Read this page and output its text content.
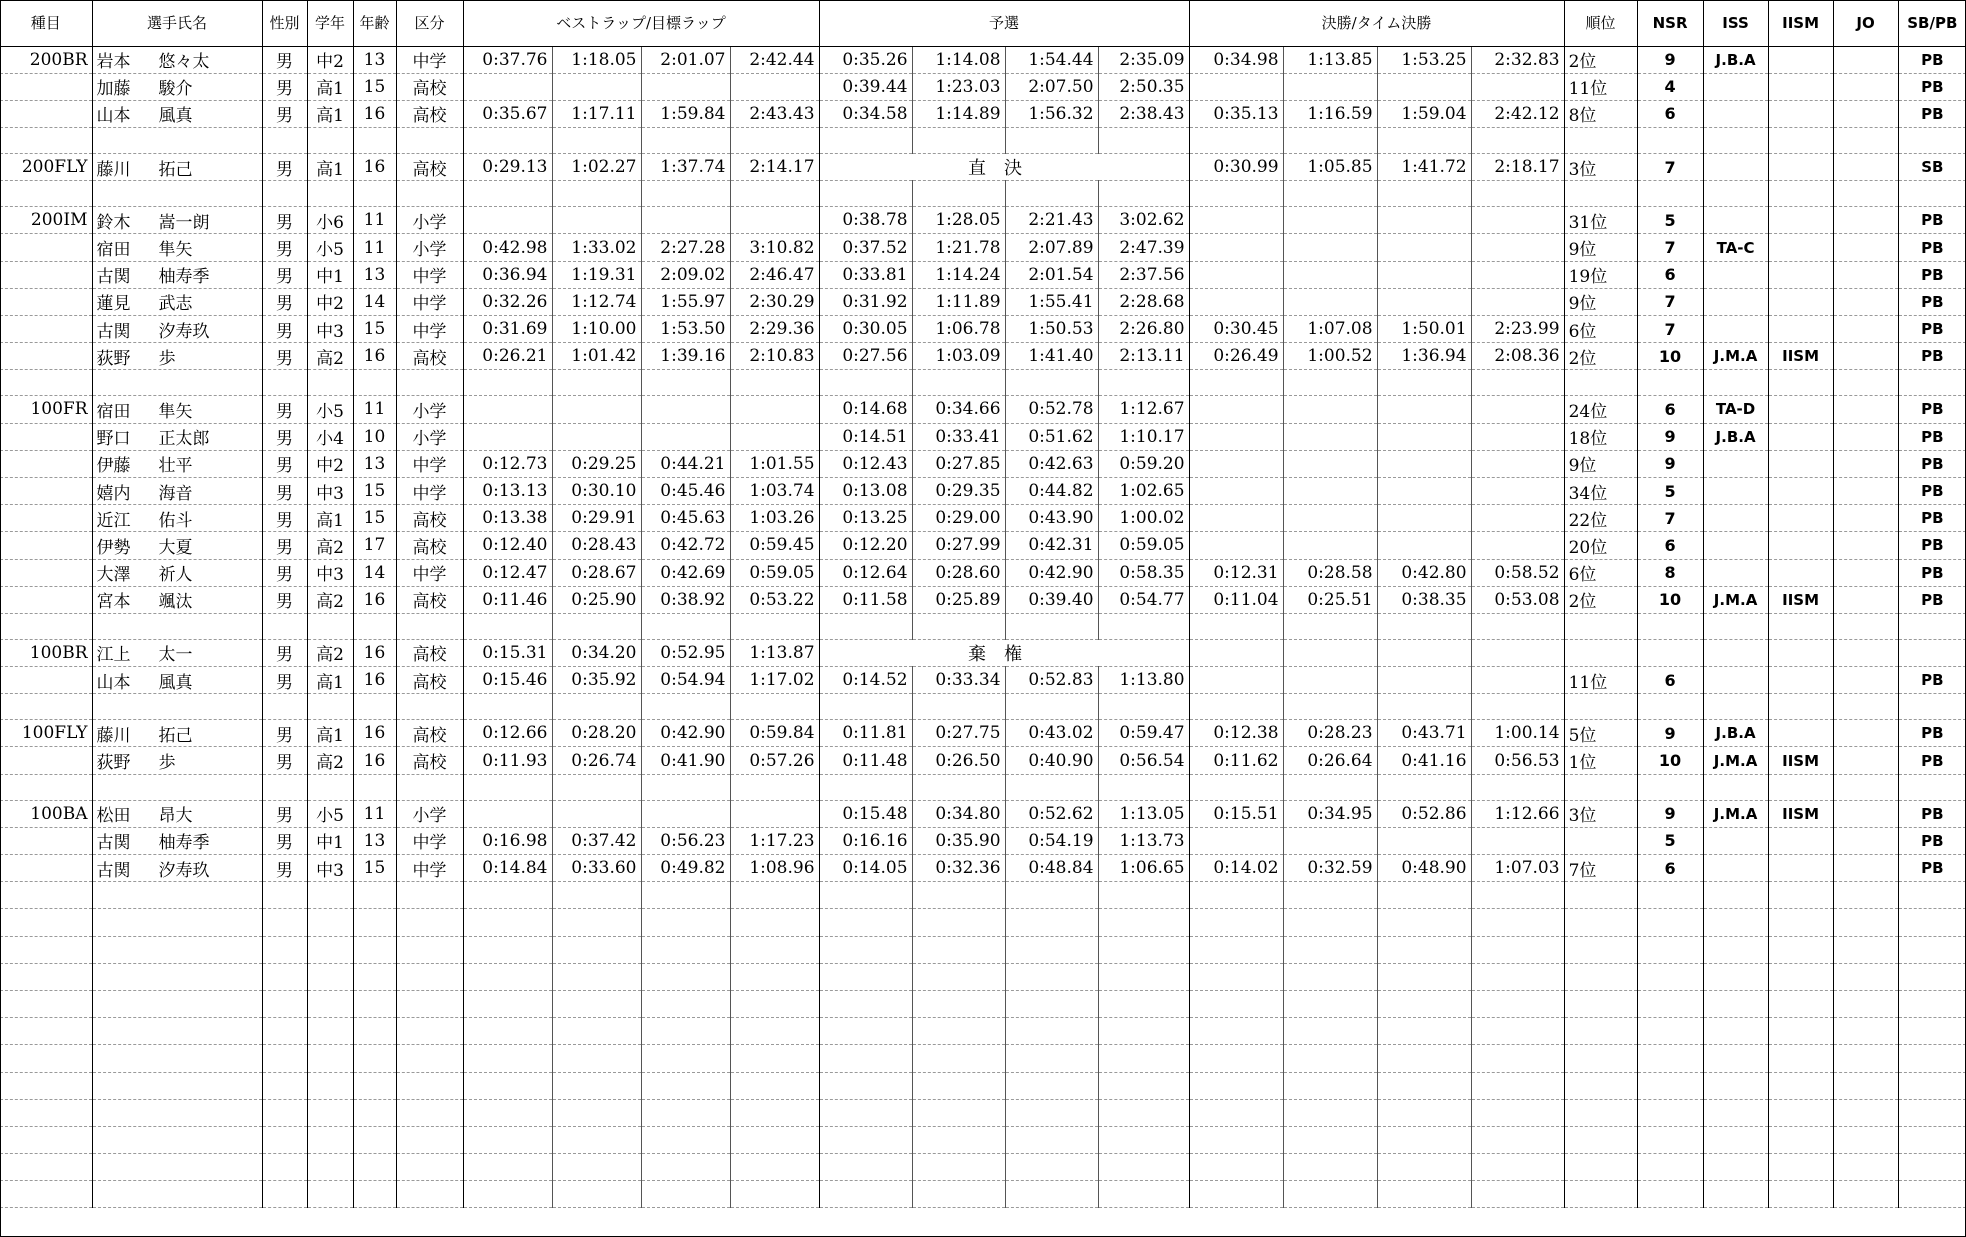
種目	選手氏名	性別	学年	年齢	区分	ベストラップ/目標ラップ				予選				決勝/タイム決勝				順位	NSR	ISS	IISM	JO	SB/PB
200BR	岩本 悠々太	男	中2	13	中学	0:37.76	1:18.05	2:01.07	2:42.44	0:35.26	1:14.08	1:54.44	2:35.09	0:34.98	1:13.85	1:53.25	2:32.83	2位	9	J.B.A			PB
	加藤 駿介	男	高1	15	高校					0:39.44	1:23.03	2:07.50	2:50.35					11位	4				PB
	山本 風真	男	高1	16	高校	0:35.67	1:17.11	1:59.84	2:43.43	0:34.58	1:14.89	1:56.32	2:38.43	0:35.13	1:16.59	1:59.04	2:42.12	8位	6				PB

200FLY	藤川 拓己	男	高1	16	高校	0:29.13	1:02.27	1:37.74	2:14.17	直決				0:30.99	1:05.85	1:41.72	2:18.17	3位	7				SB

200IM	鈴木 嵩一朗	男	小6	11	小学					0:38.78	1:28.05	2:21.43	3:02.62					31位	5				PB
	宿田 隼矢	男	小5	11	小学	0:42.98	1:33.02	2:27.28	3:10.82	0:37.52	1:21.78	2:07.89	2:47.39					9位	7	TA-C			PB
	古関 柚寿季	男	中1	13	中学	0:36.94	1:19.31	2:09.02	2:46.47	0:33.81	1:14.24	2:01.54	2:37.56					19位	6				PB
	蓮見 武志	男	中2	14	中学	0:32.26	1:12.74	1:55.97	2:30.29	0:31.92	1:11.89	1:55.41	2:28.68					9位	7				PB
	古関 汐寿玖	男	中3	15	中学	0:31.69	1:10.00	1:53.50	2:29.36	0:30.05	1:06.78	1:50.53	2:26.80	0:30.45	1:07.08	1:50.01	2:23.99	6位	7				PB
	荻野 歩	男	高2	16	高校	0:26.21	1:01.42	1:39.16	2:10.83	0:27.56	1:03.09	1:41.40	2:13.11	0:26.49	1:00.52	1:36.94	2:08.36	2位	10	J.M.A	IISM		PB

100FR	宿田 隼矢	男	小5	11	小学					0:14.68	0:34.66	0:52.78	1:12.67					24位	6	TA-D			PB
	野口 正太郎	男	小4	10	小学					0:14.51	0:33.41	0:51.62	1:10.17					18位	9	J.B.A			PB
	伊藤 壮平	男	中2	13	中学	0:12.73	0:29.25	0:44.21	1:01.55	0:12.43	0:27.85	0:42.63	0:59.20					9位	9				PB
	嬉内 海音	男	中3	15	中学	0:13.13	0:30.10	0:45.46	1:03.74	0:13.08	0:29.35	0:44.82	1:02.65					34位	5				PB
	近江 佑斗	男	高1	15	高校	0:13.38	0:29.91	0:45.63	1:03.26	0:13.25	0:29.00	0:43.90	1:00.02					22位	7				PB
	伊勢 大夏	男	高2	17	高校	0:12.40	0:28.43	0:42.72	0:59.45	0:12.20	0:27.99	0:42.31	0:59.05					20位	6				PB
	大澤 祈人	男	中3	14	中学	0:12.47	0:28.67	0:42.69	0:59.05	0:12.64	0:28.60	0:42.90	0:58.35	0:12.31	0:28.58	0:42.80	0:58.52	6位	8				PB
	宮本 颯汰	男	高2	16	高校	0:11.46	0:25.90	0:38.92	0:53.22	0:11.58	0:25.89	0:39.40	0:54.77	0:11.04	0:25.51	0:38.35	0:53.08	2位	10	J.M.A	IISM		PB

100BR	江上 太一	男	高2	16	高校	0:15.31	0:34.20	0:52.95	1:13.87	棄権													
	山本 風真	男	高1	16	高校	0:15.46	0:35.92	0:54.94	1:17.02	0:14.52	0:33.34	0:52.83	1:13.80					11位	6				PB

100FLY	藤川 拓己	男	高1	16	高校	0:12.66	0:28.20	0:42.90	0:59.84	0:11.81	0:27.75	0:43.02	0:59.47	0:12.38	0:28.23	0:43.71	1:00.14	5位	9	J.B.A			PB
	荻野 歩	男	高2	16	高校	0:11.93	0:26.74	0:41.90	0:57.26	0:11.48	0:26.50	0:40.90	0:56.54	0:11.62	0:26.64	0:41.16	0:56.53	1位	10	J.M.A	IISM		PB

100BA	松田 昂大	男	小5	11	小学					0:15.48	0:34.80	0:52.62	1:13.05	0:15.51	0:34.95	0:52.86	1:12.66	3位	9	J.M.A	IISM		PB
	古関 柚寿季	男	中1	13	中学	0:16.98	0:37.42	0:56.23	1:17.23	0:16.16	0:35.90	0:54.19	1:13.73						5				PB
	古関 汐寿玖	男	中3	15	中学	0:14.84	0:33.60	0:49.82	1:08.96	0:14.05	0:32.36	0:48.84	1:06.65	0:14.02	0:32.59	0:48.90	1:07.03	7位	6				PB
